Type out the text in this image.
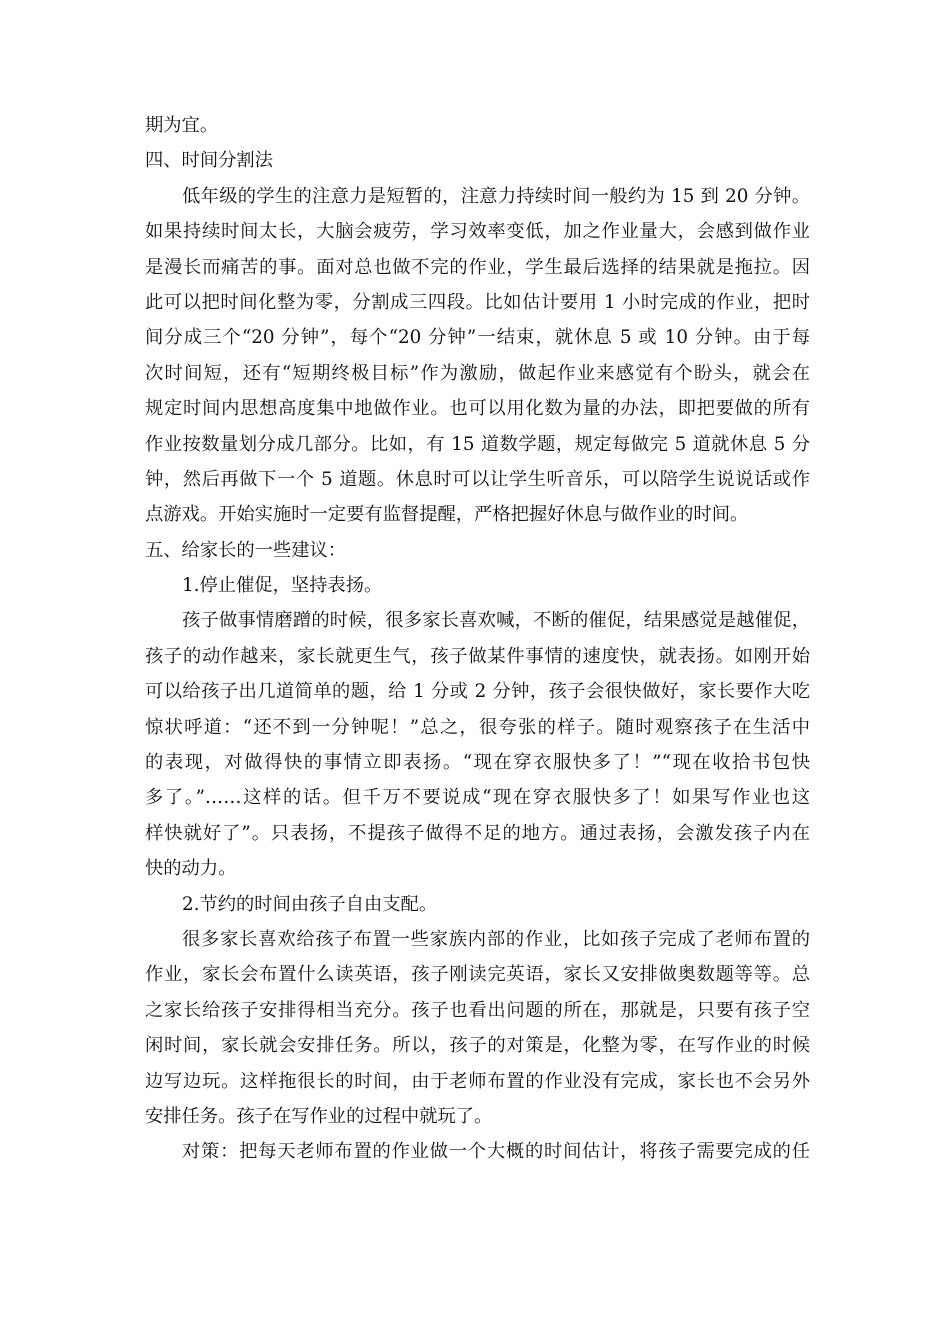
期为宜。
四、时间分割法
低年级的学生的注意力是短暂的，注意力持续时间一般约为 15 到 20 分钟。
如果持续时间太长，大脑会疲劳，学习效率变低，加之作业量大，会感到做作业
是漫长而痛苦的事。面对总也做不完的作业，学生最后选择的结果就是拖拉。因
此可以把时间化整为零，分割成三四段。比如估计要用 1 小时完成的作业，把时
间分成三个“20 分钟”，每个“20 分钟”一结束，就休息 5 或 10 分钟。由于每
次时间短，还有“短期终极目标”作为激励，做起作业来感觉有个盼头，就会在
规定时间内思想高度集中地做作业。也可以用化数为量的办法，即把要做的所有
作业按数量划分成几部分。比如，有 15 道数学题，规定每做完 5 道就休息 5 分
钟，然后再做下一个 5 道题。休息时可以让学生听音乐，可以陪学生说说话或作
点游戏。开始实施时一定要有监督提醒，严格把握好休息与做作业的时间。
五、给家长的一些建议：
1.停止催促，坚持表扬。
孩子做事情磨蹭的时候，很多家长喜欢喊，不断的催促，结果感觉是越催促，
孩子的动作越来，家长就更生气，孩子做某件事情的速度快，就表扬。如刚开始
可以给孩子出几道简单的题，给 1 分或 2 分钟，孩子会很快做好，家长要作大吃
惊状呼道：“还不到一分钟呢！”总之，很夸张的样子。随时观察孩子在生活中
的表现，对做得快的事情立即表扬。“现在穿衣服快多了！”“现在收拾书包快
多了。”……这样的话。但千万不要说成“现在穿衣服快多了！如果写作业也这
样快就好了”。只表扬，不提孩子做得不足的地方。通过表扬，会激发孩子内在
快的动力。
2.节约的时间由孩子自由支配。
很多家长喜欢给孩子布置一些家族内部的作业，比如孩子完成了老师布置的
作业，家长会布置什么读英语，孩子刚读完英语，家长又安排做奥数题等等。总
之家长给孩子安排得相当充分。孩子也看出问题的所在，那就是，只要有孩子空
闲时间，家长就会安排任务。所以，孩子的对策是，化整为零，在写作业的时候
边写边玩。这样拖很长的时间，由于老师布置的作业没有完成，家长也不会另外
安排任务。孩子在写作业的过程中就玩了。
对策：把每天老师布置的作业做一个大概的时间估计，将孩子需要完成的任
